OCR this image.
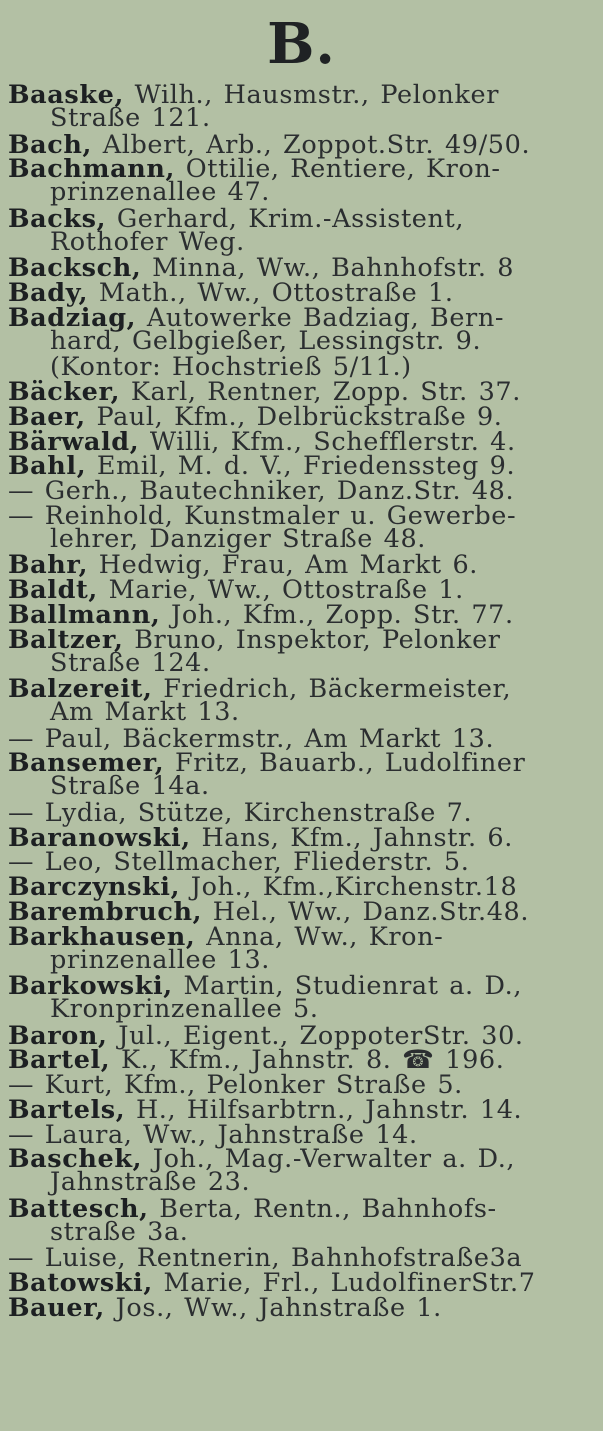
B.
Baaske, Wilh., Hausmstr., Pelonker
Straße 121.
Bach, Albert, Arb., Zoppot.Str. 49/50.
Bachmann, Ottilie, Rentiere, Kron-
prinzenallee 47.
Backs, Gerhard, Krim.-Assistent,
Rothofer Weg.
Backsch, Minna, Ww., Bahnhofstr. 8
Bady, Math., Ww., Ottostraße 1.
Badziag, Autowerke Badziag, Bern-
hard, Gelbgießer, Lessingstr. 9.
(Kontor: Hochstrieß 5/11.)
Bäcker, Karl, Rentner, Zopp. Str. 37.
Baer, Paul, Kfm., Delbrückstraße 9.
Bärwald, Willi, Kfm., Schefflerstr. 4.
Bahl, Emil, M. d. V., Friedenssteg 9.
— Gerh., Bautechniker, Danz.Str. 48.
— Reinhold, Kunstmaler u. Gewerbe-
lehrer, Danziger Straße 48.
Bahr, Hedwig, Frau, Am Markt 6.
Baldt, Marie, Ww., Ottostraße 1.
Ballmann, Joh., Kfm., Zopp. Str. 77.
Baltzer, Bruno, Inspektor, Pelonker
Straße 124.
Balzereit, Friedrich, Bäckermeister,
Am Markt 13.
— Paul, Bäckermstr., Am Markt 13.
Bansemer, Fritz, Bauarb., Ludolfiner
Straße 14a.
— Lydia, Stütze, Kirchenstraße 7.
Baranowski, Hans, Kfm., Jahnstr. 6.
— Leo, Stellmacher, Fliederstr. 5.
Barczynski, Joh., Kfm.,Kirchenstr.18
Barembruch, Hel., Ww., Danz.Str.48.
Barkhausen, Anna, Ww., Kron-
prinzenallee 13.
Barkowski, Martin, Studienrat a. D.,
Kronprinzenallee 5.
Baron, Jul., Eigent., ZoppoterStr. 30.
Bartel, K., Kfm., Jahnstr. 8. ☎ 196.
— Kurt, Kfm., Pelonker Straße 5.
Bartels, H., Hilfsarbtrn., Jahnstr. 14.
— Laura, Ww., Jahnstraße 14.
Baschek, Joh., Mag.-Verwalter a. D.,
Jahnstraße 23.
Battesch, Berta, Rentn., Bahnhofs-
straße 3a.
— Luise, Rentnerin, Bahnhofstraße3a
Batowski, Marie, Frl., LudolfinerStr.7
Bauer, Jos., Ww., Jahnstraße 1.
